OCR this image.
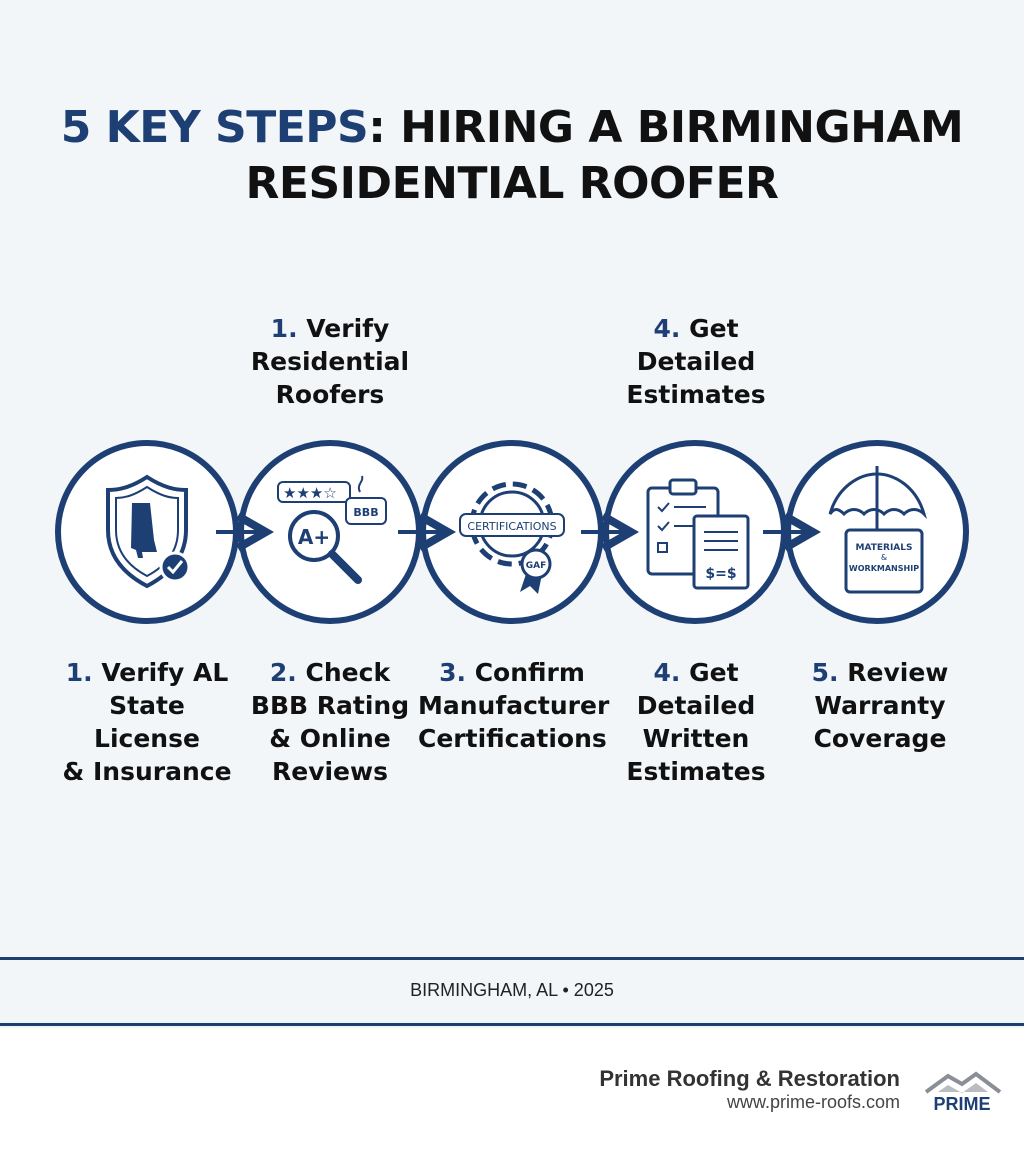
5 KEY STEPS: HIRING A BIRMINGHAM
RESIDENTIAL ROOFER
1. Verify
Residential
Roofers
4. Get
Detailed
Estimates
★★★☆
A+
BBB
CERTIFICATIONS
GAF	$=$
MATERIALS
&
WORKMANSHIP
1. Verify AL
State License
& Insurance
2. Check
BBB Rating
& Online
Reviews
3. Confirm
Manufacturer
Certifications
4. Get
Detailed
Written
Estimates
5. Review
Warranty
Coverage
BIRMINGHAM, AL • 2025
Prime Roofing & Restoration
www.prime-roofs.com PRIME
